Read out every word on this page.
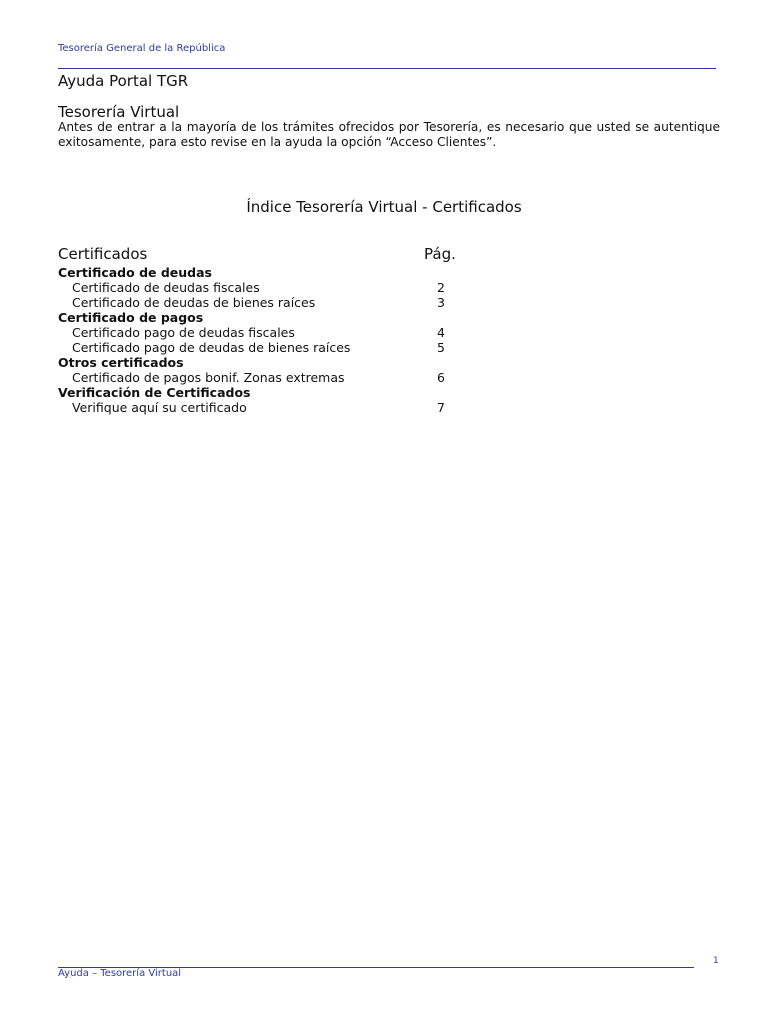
Tesorería General de la República
Ayuda Portal TGR
Tesorería Virtual
Antes de entrar a la mayoría de los trámites ofrecidos por Tesorería, es necesario que usted se autentique exitosamente, para esto revise en la ayuda la opción “Acceso Clientes”.
Índice Tesorería Virtual - Certificados
Certificados	Pág.
Certificado de deudas
Certificado de deudas fiscales	2
Certificado de deudas de bienes raíces	3
Certificado de pagos
Certificado pago de deudas fiscales	4
Certificado pago de deudas de bienes raíces	5
Otros certificados
Certificado de pagos bonif. Zonas extremas	6
Verificación de Certificados
Verifique aquí su certificado	7
1
Ayuda – Tesorería Virtual
